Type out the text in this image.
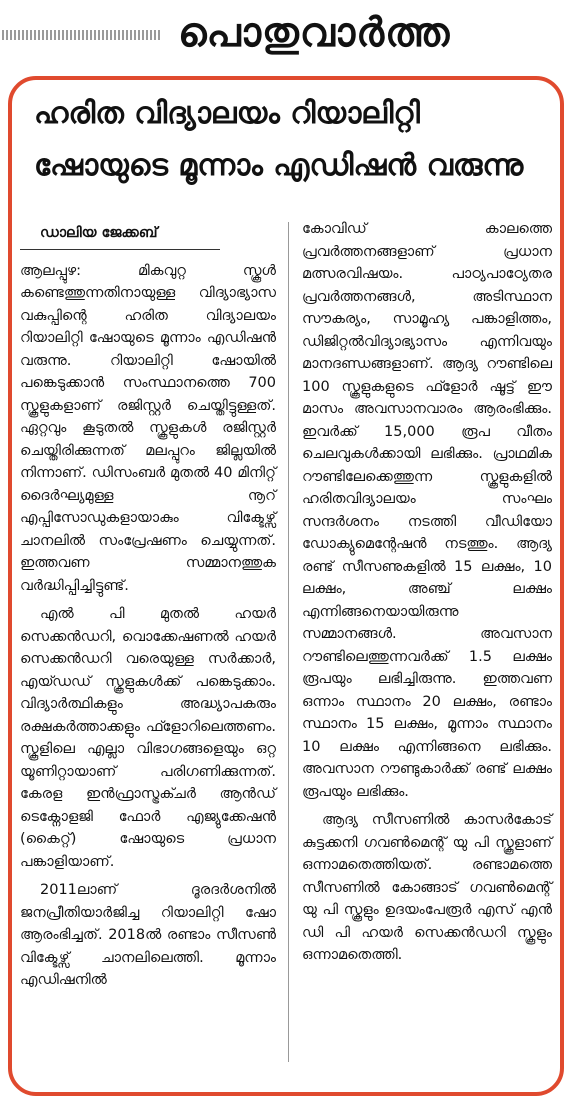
പൊതുവാർത്ത
ഹരിത വിദ്യാലയം റിയാലിറ്റി
ഷോയുടെ മൂന്നാം എഡിഷൻ വരുന്നു
ഡാലിയ ജേക്കബ്

ആലപ്പുഴ: മികവുറ്റ സ്കൂൾ കണ്ടെത്തുന്നതിനായുള്ള വിദ്യാഭ്യാസ വകുപ്പിന്റെ ഹരിത വിദ്യാലയം റിയാലിറ്റി ഷോയുടെ മൂന്നാം എഡിഷൻ വരുന്നു. റിയാലിറ്റി ഷോയിൽ പങ്കെടുക്കാൻ സംസ്ഥാനത്തെ 700 സ്കൂളുകളാണ് രജിസ്റ്റർ ചെയ്തിട്ടുള്ളത്. ഏറ്റവും കൂടുതൽ സ്കൂളുകൾ രജിസ്റ്റർ ചെയ്തിരിക്കുന്നത് മലപ്പുറം ജില്ലയിൽ നിന്നാണ്. ഡിസംബർ മുതൽ 40 മിനിറ്റ് ദൈർഘ്യമുള്ള നൂറ് എപ്പിസോഡുകളായാകും വിക്ടേഴ്സ് ചാനലിൽ സംപ്രേഷണം ചെയ്യുന്നത്. ഇത്തവണ സമ്മാനത്തുക വർദ്ധിപ്പിച്ചിട്ടുണ്ട്.

എൽ പി മുതൽ ഹയർ സെക്കൻഡറി, വൊക്കേഷണൽ ഹയർ സെക്കൻഡറി വരെയുള്ള സർക്കാർ, എയ്ഡഡ് സ്കൂളുകൾക്ക് പങ്കെടുക്കാം. വിദ്യാർത്ഥികളും അദ്ധ്യാപകരും രക്ഷകർത്താക്കളും ഫ്ളോറിലെത്തണം. സ്കൂളിലെ എല്ലാ വിഭാഗങ്ങളെയും ഒറ്റ യൂണിറ്റായാണ് പരിഗണിക്കുന്നത്. കേരള ഇൻഫ്രാസ്ട്രക്ചർ ആൻഡ് ടെക്നോളജി ഫോർ എജ്യുക്കേഷൻ (കൈറ്റ്) ഷോയുടെ പ്രധാന പങ്കാളിയാണ്.

2011ലാണ് ദൂരദർശനിൽ ജനപ്രീതിയാർജിച്ച റിയാലിറ്റി ഷോ ആരംഭിച്ചത്. 2018ൽ രണ്ടാം സീസൺ വിക്ടേഴ്സ് ചാനലിലെത്തി. മൂന്നാം എഡിഷനിൽ

കോവിഡ് കാലത്തെ പ്രവർത്തനങ്ങളാണ് പ്രധാന മത്സരവിഷയം. പാഠ്യപാഠ്യേതര പ്രവർത്തനങ്ങൾ, അടിസ്ഥാന സൗകര്യം, സാമൂഹ്യ പങ്കാളിത്തം, ഡിജിറ്റൽവിദ്യാഭ്യാസം എന്നിവയും മാനദണ്ഡങ്ങളാണ്. ആദ്യ റൗണ്ടിലെ 100 സ്കൂളുകളുടെ ഫ്ളോർ ഷൂട്ട് ഈ മാസം അവസാനവാരം ആരംഭിക്കും. ഇവർക്ക് 15,000 രൂപ വീതം ചെലവുകൾക്കായി ലഭിക്കും. പ്രാഥമിക റൗണ്ടിലേക്കെത്തുന്ന സ്കൂളുകളിൽ ഹരിതവിദ്യാലയം സംഘം സന്ദർശനം നടത്തി വീഡിയോ ഡോക്യുമെന്റേഷൻ നടത്തും. ആദ്യ രണ്ട് സീസണുകളിൽ 15 ലക്ഷം, 10 ലക്ഷം, അഞ്ച് ലക്ഷം എന്നിങ്ങനെയായിരുന്നു സമ്മാനങ്ങൾ. അവസാന റൗണ്ടിലെത്തുന്നവർക്ക് 1.5 ലക്ഷം രൂപയും ലഭിച്ചിരുന്നു. ഇത്തവണ ഒന്നാം സ്ഥാനം 20 ലക്ഷം, രണ്ടാം സ്ഥാനം 15 ലക്ഷം, മൂന്നാം സ്ഥാനം 10 ലക്ഷം എന്നിങ്ങനെ ലഭിക്കും. അവസാന റൗണ്ടുകാർക്ക് രണ്ട് ലക്ഷം രൂപയും ലഭിക്കും.

ആദ്യ സീസണിൽ കാസർകോട് കുട്ടക്കനി ഗവൺമെന്റ് യു പി സ്കൂളാണ് ഒന്നാമതെത്തിയത്. രണ്ടാമത്തെ സീസണിൽ കോങ്ങാട് ഗവൺമെന്റ് യു പി സ്കൂളും ഉദയംപേരൂർ എസ് എൻ ഡി പി ഹയർ സെക്കൻഡറി സ്കൂളും ഒന്നാമതെത്തി.
